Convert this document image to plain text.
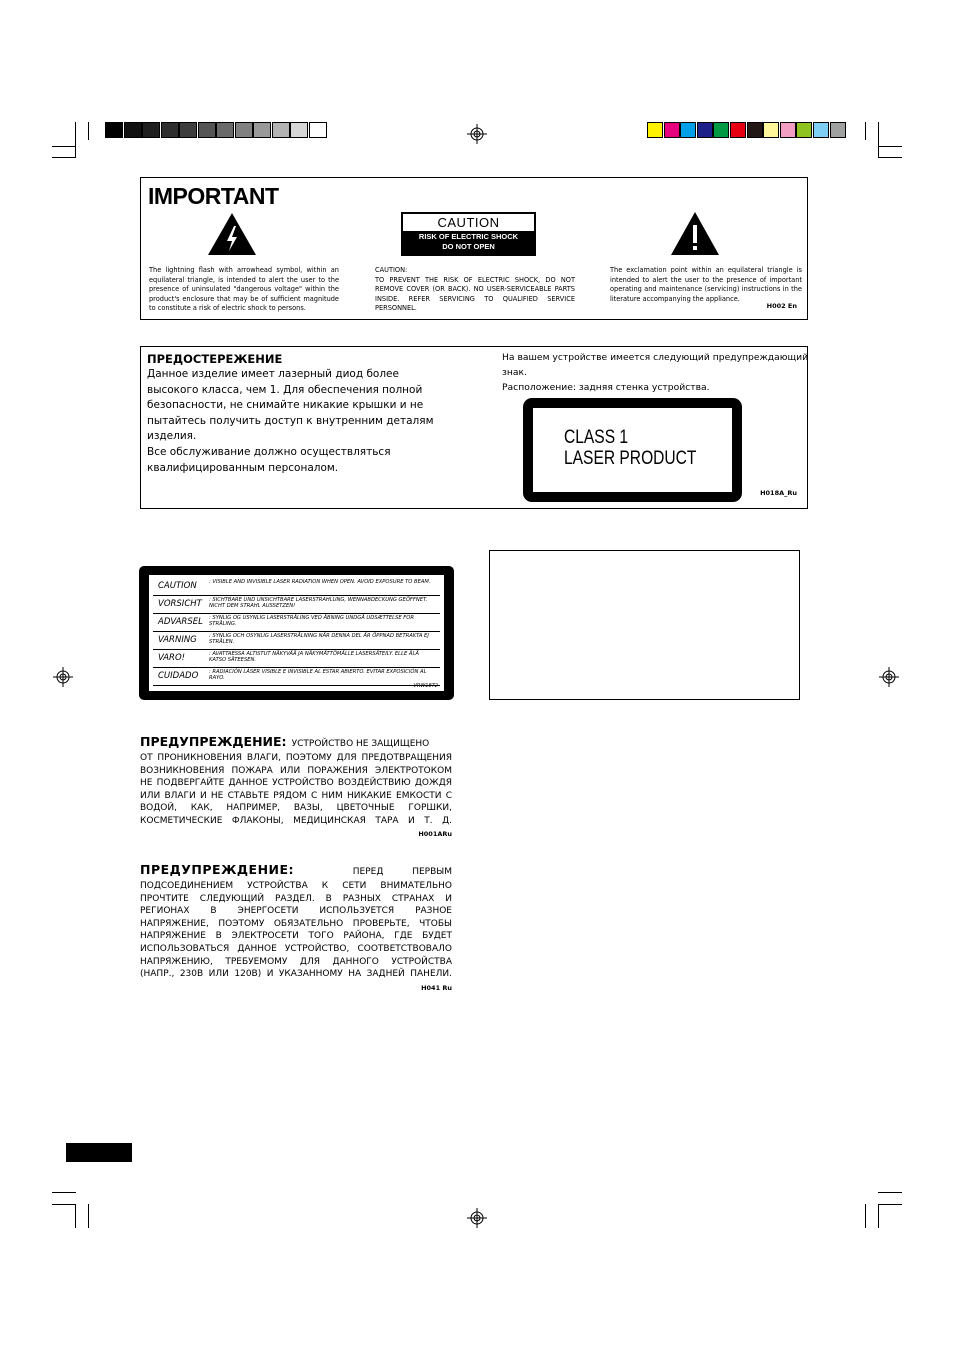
IMPORTANT
CAUTION
RISK OF ELECTRIC SHOCK
DO NOT OPEN
The lightning flash with arrowhead symbol, within an equilateral triangle, is intended to alert the user to the presence of uninsulated "dangerous voltage" within the product's enclosure that may be of sufficient magnitude to constitute a risk of electric shock to persons.
CAUTION:
TO PREVENT THE RISK OF ELECTRIC SHOCK, DO NOT REMOVE COVER (OR BACK). NO USER-SERVICEABLE PARTS INSIDE. REFER SERVICING TO QUALIFIED SERVICE PERSONNEL.
The exclamation point within an equilateral triangle is intended to alert the user to the presence of important operating and maintenance (servicing) instructions in the literature accompanying the appliance.
H002 En
ПРЕДОСТЕРЕЖЕНИЕ
Данное изделие имеет лазерный диод более
высокого класса, чем 1. Для обеспечения полной
безопасности, не снимайте никакие крышки и не
пытайтесь получить доступ к внутренним деталям
изделия.
Все обслуживание должно осуществляться
квалифицированным персоналом.
На вашем устройстве имеется следующий предупреждающий
знак.
Расположение: задняя стенка устройства.
CLASS 1
LASER PRODUCT
H018A_Ru
CAUTION : VISIBLE AND INVISIBLE LASER RADIATION WHEN OPEN. AVOID EXPOSURE TO BEAM.
VORSICHT : SICHTBARE UND UNSICHTBARE LASERSTRAHLUNG, WENNABDECKUNG GEÖFFNET. NICHT DEM STRAHL AUSSETZEN!
ADVARSEL : SYNLIG OG USYNLIG LASERSTRÅLING VED ÅBNING UNDGÅ UDSÆTTELSE FOR STRÅLING.
VARNING : SYNLIG OCH OSYNLIG LASERSTRÅLNING NÄR DENNA DEL ÄR ÖPPNAD BETRAKTA EJ STRÅLEN.
VARO!	: AVATTAESSA ALTISTUT NÄKYVÄÄ JA NÄKYMÄTTÖMÄLLE LASERSÄTEILY. ELLE ÄLÄ KATSO SÄTEESEN.
CUIDADO : RADIACIÓN LÁSER VISIBLE E INVISIBLE AL ESTAR ABIERTO. EVITAR EXPOSICIÓN AL RAYO.
VRW1872
ПРЕДУПРЕЖДЕНИЕ: УСТРОЙСТВО НЕ ЗАЩИЩЕНО
ОТ ПРОНИКНОВЕНИЯ ВЛАГИ, ПОЭТОМУ ДЛЯ ПРЕДОТВРАЩЕНИЯ
ВОЗНИКНОВЕНИЯ ПОЖАРА ИЛИ ПОРАЖЕНИЯ ЭЛЕКТРОТОКОМ
НЕ ПОДВЕРГАЙТЕ ДАННОЕ УСТРОЙСТВО ВОЗДЕЙСТВИЮ ДОЖДЯ
ИЛИ ВЛАГИ И НЕ СТАВЬТЕ РЯДОМ С НИМ НИКАКИЕ ЕМКОСТИ С
ВОДОЙ, КАК, НАПРИМЕР, ВАЗЫ, ЦВЕТОЧНЫЕ ГОРШКИ,
КОСМЕТИЧЕСКИЕ ФЛАКОНЫ, МЕДИЦИНСКАЯ ТАРА И Т. Д.
H001ARu
ПРЕДУПРЕЖДЕНИЕ:	ПЕРЕД ПЕРВЫМ
ПОДСОЕДИНЕНИЕМ УСТРОЙСТВА К СЕТИ ВНИМАТЕЛЬНО
ПРОЧТИТЕ СЛЕДУЮЩИЙ РАЗДЕЛ. В РАЗНЫХ СТРАНАХ И
РЕГИОНАХ В ЭНЕРГОСЕТИ ИСПОЛЬЗУЕТСЯ РАЗНОЕ
НАПРЯЖЕНИЕ, ПОЭТОМУ ОБЯЗАТЕЛЬНО ПРОВЕРЬТЕ, ЧТОБЫ
НАПРЯЖЕНИЕ В ЭЛЕКТРОСЕТИ ТОГО РАЙОНА, ГДЕ БУДЕТ
ИСПОЛЬЗОВАТЬСЯ ДАННОЕ УСТРОЙСТВО, СООТВЕТСТВОВАЛО
НАПРЯЖЕНИЮ, ТРЕБУЕМОМУ ДЛЯ ДАННОГО УСТРОЙСТВА
(НАПР., 230В ИЛИ 120В) И УКАЗАННОМУ НА ЗАДНЕЙ ПАНЕЛИ.
H041 Ru
